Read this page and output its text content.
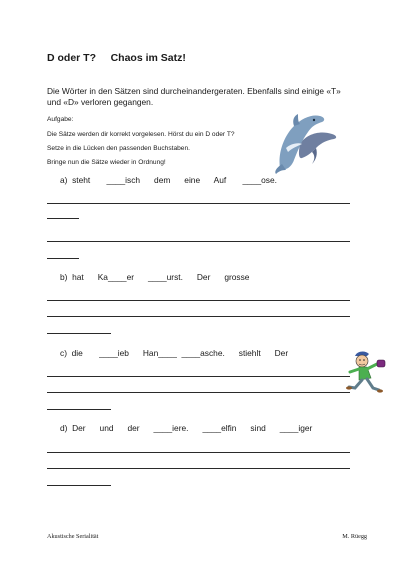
D oder T?     Chaos im Satz!
Die Wörter in den Sätzen sind durcheinandergeraten. Ebenfalls sind einige «T» und «D» verloren gegangen.
Aufgabe:
Die Sätze werden dir korrekt vorgelesen. Hörst du ein D oder T?
Setze in die Lücken den passenden Buchstaben.
Bringe nun die Sätze wieder in Ordnung!
a)  steht       ____isch      dem      eine      Auf       ____ose.
b)  hat      Ka____er      ____urst.      Der      grosse
c)  die       ____ieb      Han____  ____asche.      stiehlt      Der
d)  Der      und      der      ____iere.      ____elfin      sind      ____iger
Akustische Serialität	M. Rüegg
